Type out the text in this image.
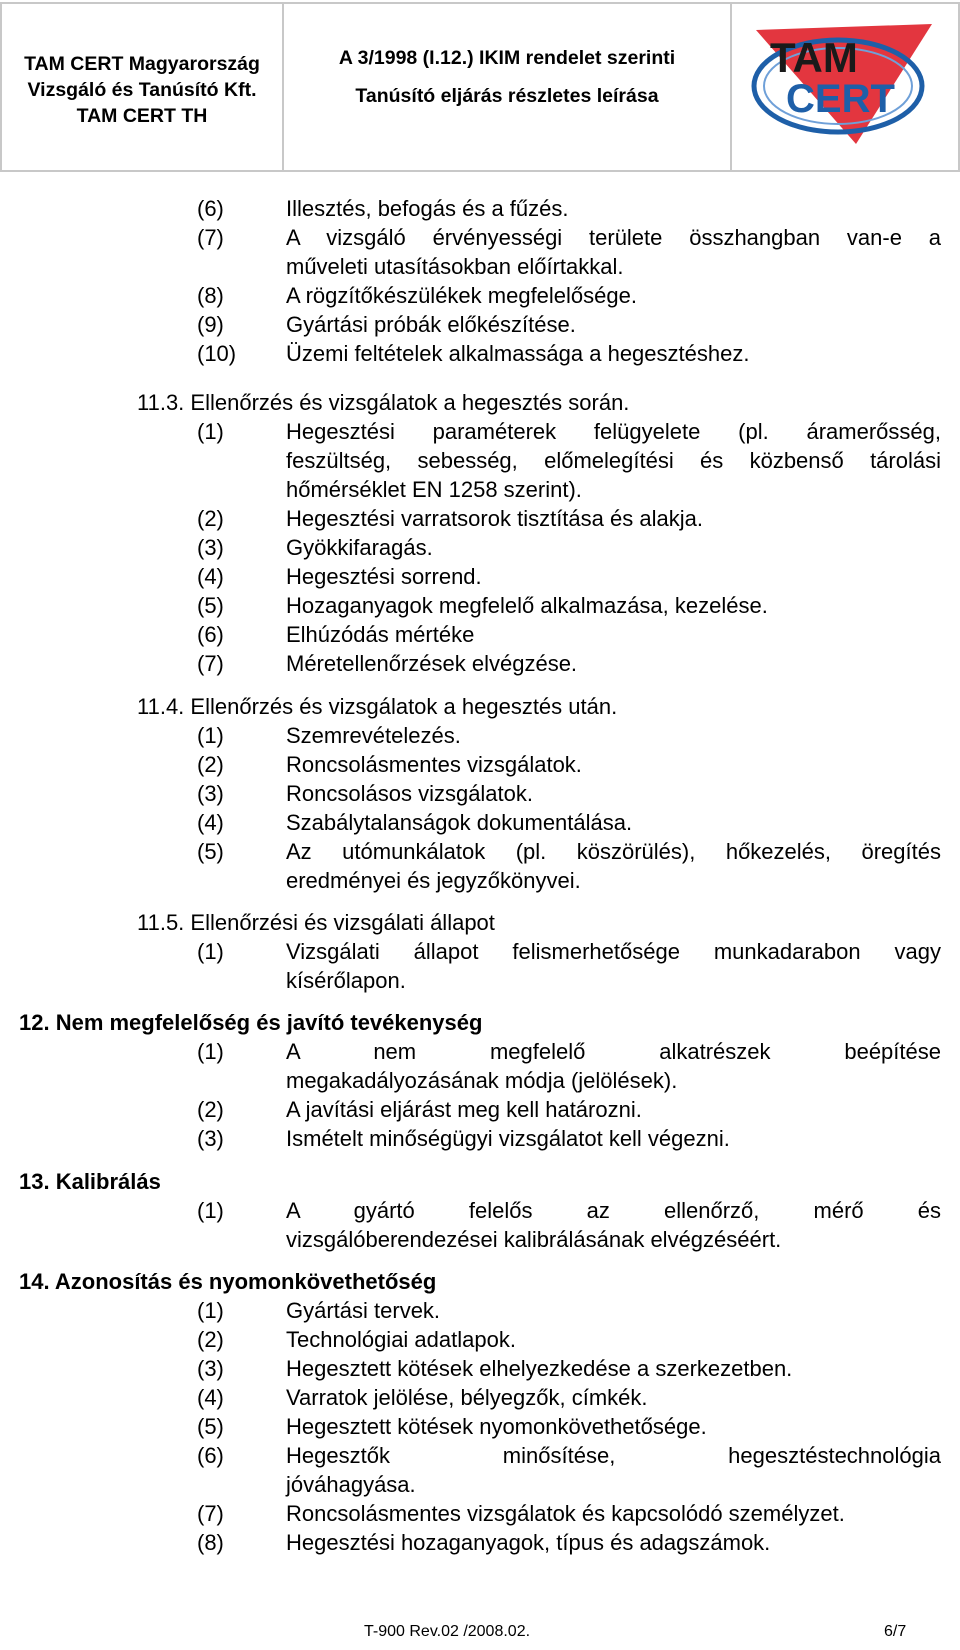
TAM CERT Magyarország
Vizsgáló és Tanúsító Kft.
TAM CERT TH
A 3/1998 (I.12.) IKIM rendelet szerinti
Tanúsító eljárás részletes leírása
TAM
CERT
(6)	Illesztés, befogás és a fűzés.
(7)	A vizsgáló érvényességi területe összhangban van-e a
műveleti utasításokban előírtakkal.
(8)	A rögzítőkészülékek megfelelősége.
(9)	Gyártási próbák előkészítése.
(10) Üzemi feltételek alkalmassága a hegesztéshez.
11.3. Ellenőrzés és vizsgálatok a hegesztés során.
(1)	Hegesztési paraméterek felügyelete (pl. áramerősség,
feszültség, sebesség, előmelegítési és közbenső tárolási
hőmérséklet EN 1258 szerint).
(2)	Hegesztési varratsorok tisztítása és alakja.
(3)	Gyökkifaragás.
(4)	Hegesztési sorrend.
(5)	Hozaganyagok megfelelő alkalmazása, kezelése.
(6)	Elhúzódás mértéke
(7)	Méretellenőrzések elvégzése.
11.4. Ellenőrzés és vizsgálatok a hegesztés után.
(1)	Szemrevételezés.
(2)	Roncsolásmentes vizsgálatok.
(3)	Roncsolásos vizsgálatok.
(4)	Szabálytalanságok dokumentálása.
(5)	Az utómunkálatok (pl. köszörülés), hőkezelés, öregítés
eredményei és jegyzőkönyvei.
11.5. Ellenőrzési és vizsgálati állapot
(1)	Vizsgálati állapot felismerhetősége munkadarabon vagy
kísérőlapon.
12. Nem megfelelőség és javító tevékenység
(1)	A nem megfelelő alkatrészek beépítése
megakadályozásának módja (jelölések).
(2)	A javítási eljárást meg kell határozni.
(3)	Ismételt minőségügyi vizsgálatot kell végezni.
13. Kalibrálás
(1)	A gyártó felelős az ellenőrző, mérő és
vizsgálóberendezései kalibrálásának elvégzéséért.
14. Azonosítás és nyomonkövethetőség
(1)	Gyártási tervek.
(2)	Technológiai adatlapok.
(3)	Hegesztett kötések elhelyezkedése a szerkezetben.
(4)	Varratok jelölése, bélyegzők, címkék.
(5)	Hegesztett kötések nyomonkövethetősége.
(6)	Hegesztők minősítése, hegesztéstechnológia
jóváhagyása.
(7)	Roncsolásmentes vizsgálatok és kapcsolódó személyzet.
(8)	Hegesztési hozaganyagok, típus és adagszámok.
T-900 Rev.02 /2008.02.	6/7
